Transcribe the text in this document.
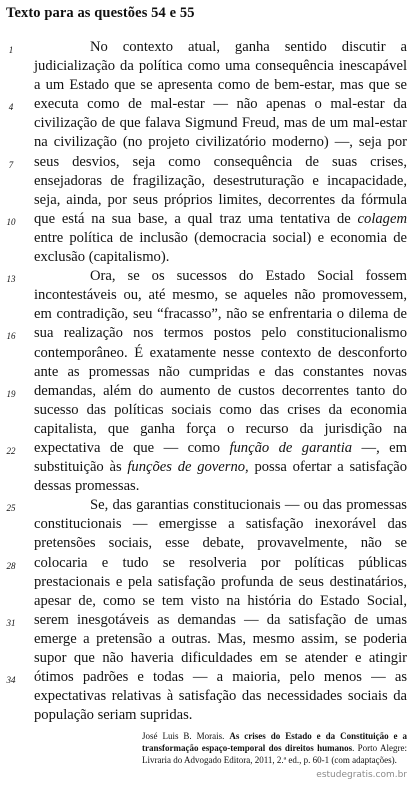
Texto para as questões 54 e 55
1	No contexto atual, ganha sentido discutir a
judicialização da política como uma consequência inescapável
a um Estado que se apresenta como de bem-estar, mas que se
4	executa como de mal-estar — não apenas o mal-estar da
civilização de que falava Sigmund Freud, mas de um mal-estar
na civilização (no projeto civilizatório moderno) —, seja por
7	seus desvios, seja como consequência de suas crises,
ensejadoras de fragilização, desestruturação e incapacidade,
seja, ainda, por seus próprios limites, decorrentes da fórmula
10	que está na sua base, a qual traz uma tentativa de colagem
entre política de inclusão (democracia social) e economia de
exclusão (capitalismo).
13	Ora, se os sucessos do Estado Social fossem
incontestáveis ou, até mesmo, se aqueles não promovessem,
em contradição, seu “fracasso”, não se enfrentaria o dilema de
16	sua realização nos termos postos pelo constitucionalismo
contemporâneo. É exatamente nesse contexto de desconforto
ante as promessas não cumpridas e das constantes novas
19	demandas, além do aumento de custos decorrentes tanto do
sucesso das políticas sociais como das crises da economia
capitalista, que ganha força o recurso da jurisdição na
22	expectativa de que — como função de garantia —, em
substituição às funções de governo, possa ofertar a satisfação
dessas promessas.
25	Se, das garantias constitucionais — ou das promessas
constitucionais — emergisse a satisfação inexorável das
pretensões sociais, esse debate, provavelmente, não se
28	colocaria e tudo se resolveria por políticas públicas
prestacionais e pela satisfação profunda de seus destinatários,
apesar de, como se tem visto na história do Estado Social,
31	serem inesgotáveis as demandas — da satisfação de umas
emerge a pretensão a outras. Mas, mesmo assim, se poderia
supor que não haveria dificuldades em se atender e atingir
34	ótimos padrões e todas — a maioria, pelo menos — as
expectativas relativas à satisfação das necessidades sociais da
população seriam supridas.
José Luis B. Morais. As crises do Estado e da Constituição e a transformação espaço-temporal dos direitos humanos. Porto Alegre: Livraria do Advogado Editora, 2011, 2.ª ed., p. 60-1 (com adaptações).
estudegratis.com.br
